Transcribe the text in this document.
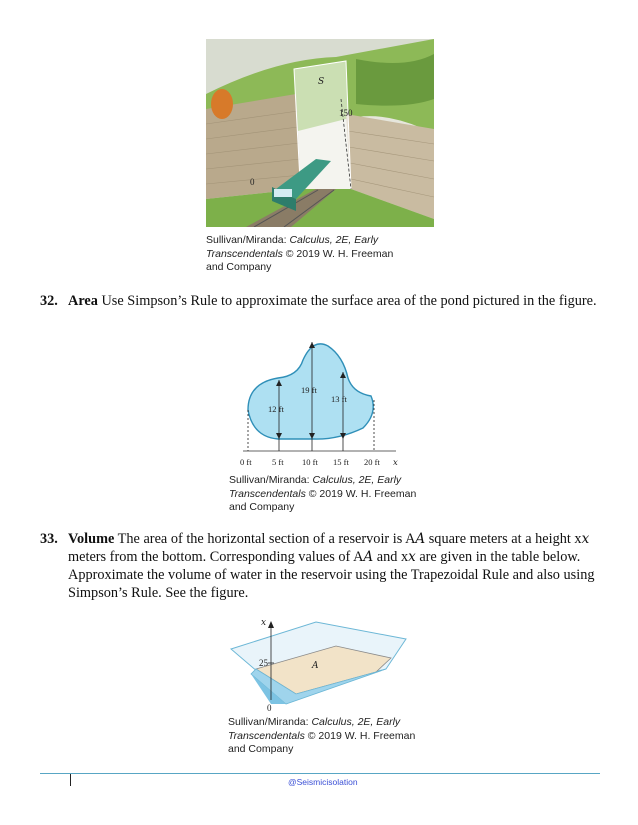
S
150
0
Sullivan/Miranda: Calculus, 2E, Early
Transcendentals © 2019 W. H. Freeman
and Company
32. Area Use Simpson’s Rule to approximate the surface area of the pond pictured in the figure.
12 ft
19 ft
13 ft
0 ft 5 ft 10 ft 15 ft 20 ft x
Sullivan/Miranda: Calculus, 2E, Early
Transcendentals © 2019 W. H. Freeman
and Company
33. Volume The area of the horizontal section of a reservoir is AA square meters at a height xx meters from the bottom. Corresponding values of AA and xx are given in the table below. Approximate the volume of water in the reservoir using the Trapezoidal Rule and also using Simpson’s Rule. See the figure.
x
25
0
A
Sullivan/Miranda: Calculus, 2E, Early
Transcendentals © 2019 W. H. Freeman
and Company
@Seismicisolation
